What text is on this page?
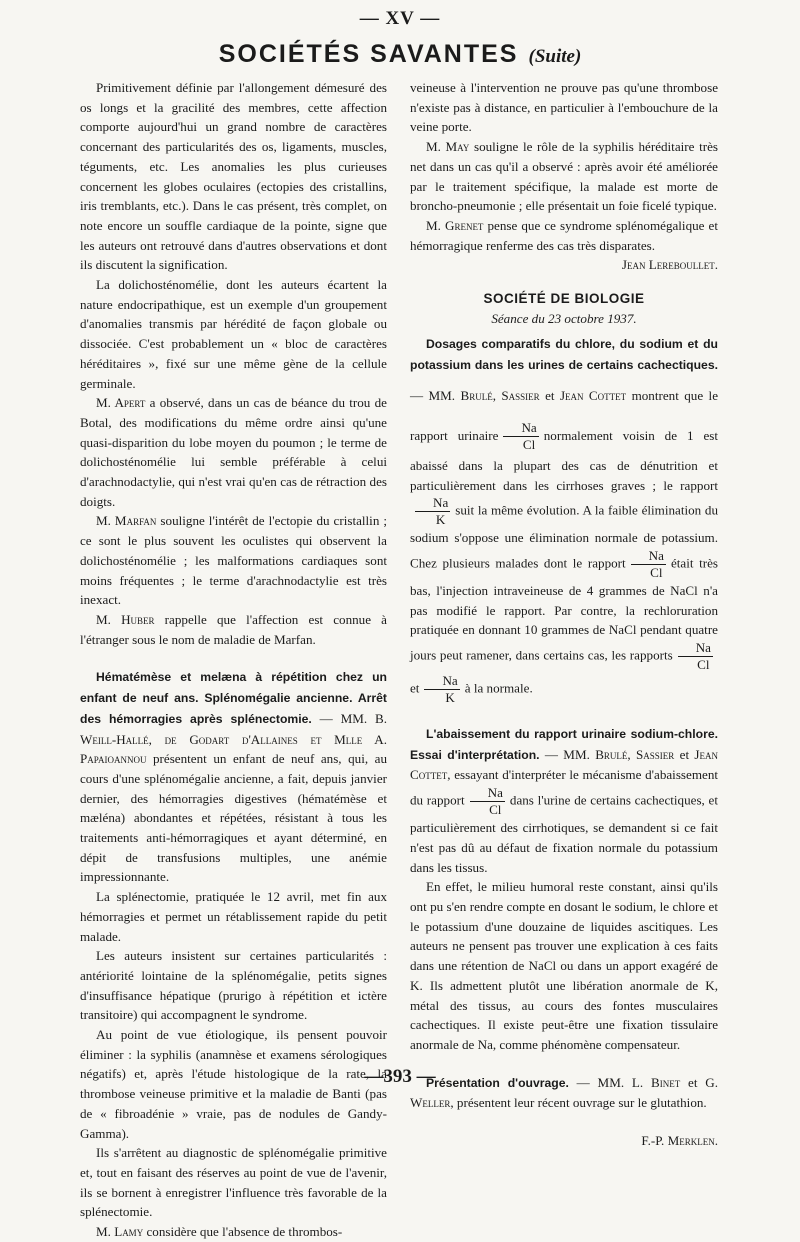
— XV —
SOCIÉTÉS SAVANTES (Suite)

Primitivement définie par l'allongement démesuré des os longs et la gracilité des membres, cette affection comporte aujourd'hui un grand nombre de caractères concernant des particularités des os, ligaments, muscles, téguments, etc. Les anomalies les plus curieuses concernent les globes oculaires (ectopies des cristallins, iris tremblants, etc.). Dans le cas présent, très complet, on note encore un souffle cardiaque de la pointe, signe que les auteurs ont retrouvé dans d'autres observations et dont ils discutent la signification.

La dolichosténomélie, dont les auteurs écartent la nature endocripathique, est un exemple d'un groupement d'anomalies transmis par hérédité de façon globale ou dissociée. C'est probablement un « bloc de caractères héréditaires », fixé sur une même gène de la cellule germinale.

M. Apert a observé, dans un cas de béance du trou de Botal, des modifications du même ordre ainsi qu'une quasi-disparition du lobe moyen du poumon ; le terme de dolichosténomélie lui semble préférable à celui d'arachnodactylie, qui n'est vrai qu'en cas de rétraction des doigts.

M. Marfan souligne l'intérêt de l'ectopie du cristallin ; ce sont le plus souvent les oculistes qui observent la dolichosténomélie ; les malformations cardiaques sont moins fréquentes ; le terme d'arachnodactylie est très inexact.

M. Huber rappelle que l'affection est connue à l'étranger sous le nom de maladie de Marfan.

Hématémèse et melæna à répétition chez un enfant de neuf ans. Splénomégalie ancienne. Arrêt des hémorragies après splénectomie. — MM. B. Weill-Hallé, de Godart d'Allaines et Mlle A. Papaioannou présentent un enfant de neuf ans, qui, au cours d'une splénomégalie ancienne, a fait, depuis janvier dernier, des hémorragies digestives (hématémèse et mæléna) abondantes et répétées, résistant à tous les traitements anti-hémorragiques et ayant déterminé, en dépit de transfusions multiples, une anémie impressionnante.

La splénectomie, pratiquée le 12 avril, met fin aux hémorragies et permet un rétablissement rapide du petit malade.

Les auteurs insistent sur certaines particularités : antériorité lointaine de la splénomégalie, petits signes d'insuffisance hépatique (prurigo à répétition et ictère transitoire) qui accompagnent le syndrome.

Au point de vue étiologique, ils pensent pouvoir éliminer : la syphilis (anamnèse et examens sérologiques négatifs) et, après l'étude histologique de la rate, la thrombose veineuse primitive et la maladie de Banti (pas de « fibroadénie » vraie, pas de nodules de Gandy-Gamma).

Ils s'arrêtent au diagnostic de splénomégalie primitive et, tout en faisant des réserves au point de vue de l'avenir, ils se bornent à enregistrer l'influence très favorable de la splénectomie.

M. Lamy considère que l'absence de thrombos-

veineuse à l'intervention ne prouve pas qu'une thrombose n'existe pas à distance, en particulier à l'embouchure de la veine porte.

M. May souligne le rôle de la syphilis héréditaire très net dans un cas qu'il a observé : après avoir été améliorée par le traitement spécifique, la malade est morte de broncho-pneumonie ; elle présentait un foie ficelé typique.

M. Grenet pense que ce syndrome splénomégalique et hémorragique renferme des cas très disparates.

Jean Lereboullet.

SOCIÉTÉ DE BIOLOGIE
Séance du 23 octobre 1937.

Dosages comparatifs du chlore, du sodium et du potassium dans les urines de certains cachectiques. — MM. Brulé, Sassier et Jean Cottet montrent que le rapport urinaire $\frac{Na}{Cl}$ normalement voisin de 1 est abaissé dans la plupart des cas de dénutrition et particulièrement dans les cirrhoses graves ; le rapport
$\frac{Na}{K}$ suit la même évolution. A la faible élimination du sodium s'oppose une élimination normale de potassium. Chez plusieurs malades dont le rapport $\frac{Na}{Cl}$ était très bas, l'injection intraveineuse de 4 grammes de NaCl n'a pas modifié le rapport. Par contre, la rechloruration pratiquée en donnant 10 grammes de NaCl pendant quatre jours peut ramener, dans certains cas, les rapports $\frac{Na}{Cl}$
et $\frac{Na}{K}$ à la normale.

L'abaissement du rapport urinaire sodium-chlore. Essai d'interprétation. — MM. Brulé, Sassier et Jean Cottet, essayant d'interpréter le mécanisme d'abaissement du rapport $\frac{Na}{Cl}$ dans l'urine de certains cachectiques, et particulièrement des cirrhotiques, se demandent si ce fait n'est pas dû au défaut de fixation normale du potassium dans les tissus.

En effet, le milieu humoral reste constant, ainsi qu'ils ont pu s'en rendre compte en dosant le sodium, le chlore et le potassium d'une douzaine de liquides ascitiques. Les auteurs ne pensent pas trouver une explication à ces faits dans une rétention de NaCl ou dans un apport exagéré de K. Ils admettent plutôt une libération anormale de K, métal des tissus, au cours des fontes musculaires cachectiques. Il existe peut-être une fixation tissulaire anormale de Na, comme phénomène compensateur.

Présentation d'ouvrage. — MM. L. Binet et G. Weller, présentent leur récent ouvrage sur le glutathion.

F.-P. Merklen.

—393 —
